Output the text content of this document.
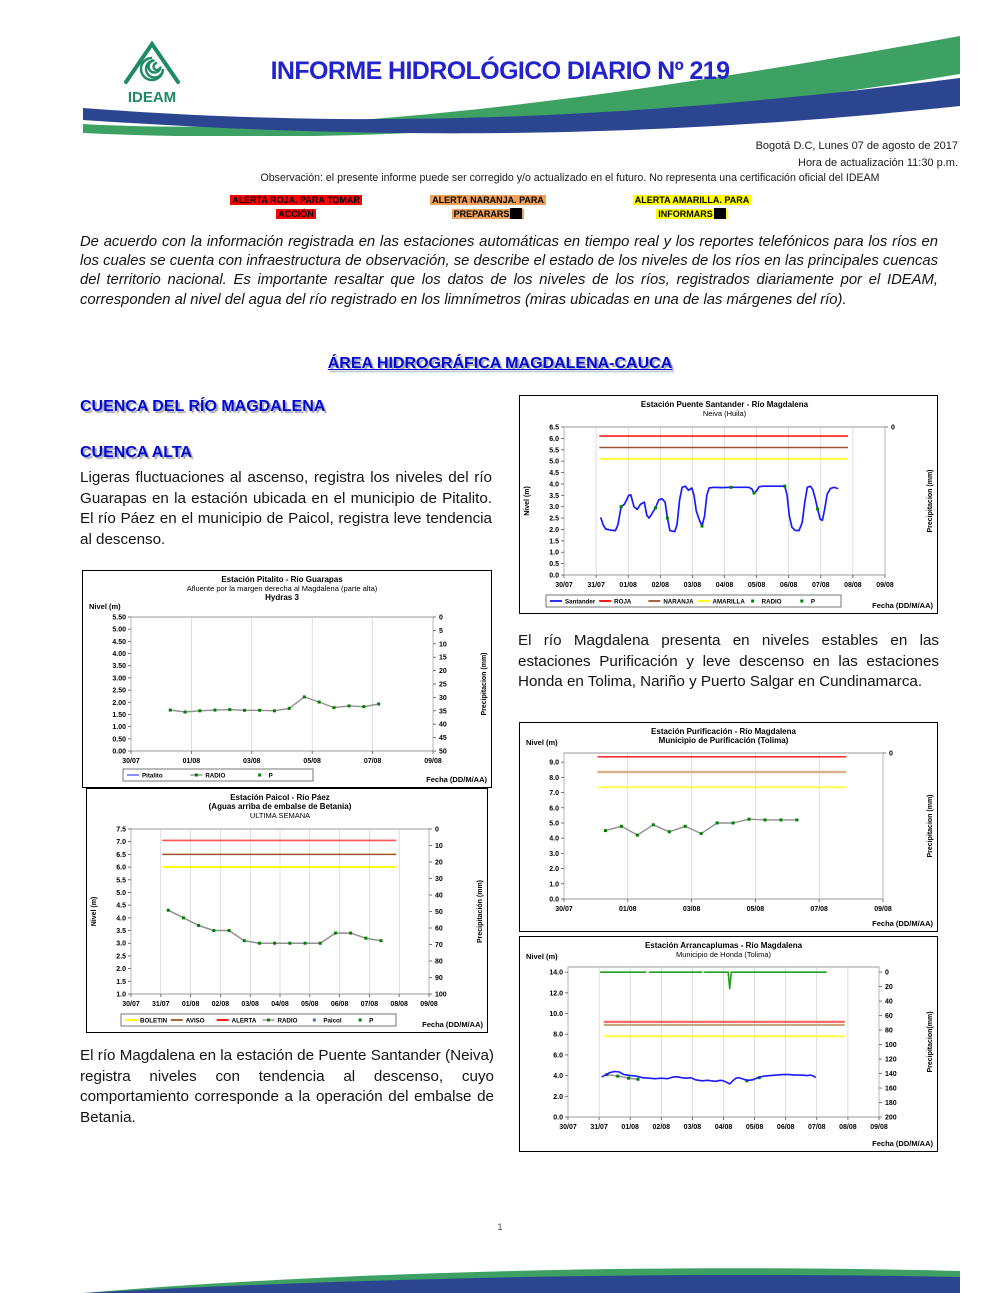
IDEAM
INFORME HIDROLÓGICO DIARIO Nº 219
Bogotá D.C, Lunes 07 de agosto de 2017
Hora de actualización 11:30 p.m.
Observación: el presente informe puede ser corregido y/o actualizado en el futuro. No representa una certificación oficial del IDEAM
ALERTA ROJA. PARA TOMAR
ACCIÓN
ALERTA NARANJA. PARA
PREPARARS
ALERTA AMARILLA. PARA
INFORMARS
De acuerdo con la información registrada en las estaciones automáticas en tiempo real y los reportes telefónicos para los ríos en los cuales se cuenta con infraestructura de observación, se describe el estado de los niveles de los ríos en las principales cuencas del territorio nacional. Es importante resaltar que los datos de los niveles de los ríos, registrados diariamente por el IDEAM, corresponden al nivel del agua del río registrado en los limnímetros (miras ubicadas en una de las márgenes del río).
ÁREA HIDROGRÁFICA MAGDALENA-CAUCA
CUENCA DEL RÍO MAGDALENA
CUENCA ALTA
Ligeras fluctuaciones al ascenso, registra los niveles del río Guarapas en la estación ubicada en el municipio de Pitalito. El río Páez en el municipio de Paicol, registra leve tendencia al descenso.
Estación Pitalito - Río Guarapas
Afluente por la margen derecha al Magdalena (parte alta)
Hydras 3
5.50
5.00
4.50
4.00
3.50
3.00
2.50
2.00
1.50
1.00
0.50
0.00
0
5
10
15
20
25
30
35
40
45
50
30/07	01/08	03/08	05/08	07/08	09/08
Nivel (m)
Precipitacion (mm)
Fecha (DD/M/AA)
Pitalito	RADIO	P
Estación Paicol - Río Páez
(Aguas arriba de embalse de Betania)
ULTIMA SEMANA
7.5
7.0
6.5
6.0
5.5
5.0
4.5
4.0
3.5
3.0
2.5
2.0
1.5
1.0
0
10
20
30
40
50
60
70
80
90
100
30/07 31/07 01/08 02/08 03/08 04/08 05/08 06/08 07/08 08/08 09/08
Nivel (m)	Precipitación (mm)
Fecha (DD/M/AA)
BOLETIN	AVISO	ALERTA	RADIO	Paicol	P
El río Magdalena en la estación de Puente Santander (Neiva) registra niveles con tendencia al descenso, cuyo comportamiento corresponde a la operación del embalse de Betania.
Estación Puente Santander - Río Magdalena
Neiva (Huila)
6.5
6.0
5.5
5.0
4.5
4.0
3.5
3.0
2.5
2.0
1.5
1.0
0.5
0.0
0
30/07 31/07 01/08 02/08 03/08 04/08 05/08 06/08 07/08 08/08 09/08
Nivel (m)	Precipitacion (mm)
Fecha (DD/M/AA)
Santander	ROJA	NARANJA	AMARILLA	RADIO	P
El río Magdalena presenta en niveles estables en las estaciones Purificación y leve descenso en las estaciones Honda en Tolima, Nariño y Puerto Salgar en Cundinamarca.
Estación Purificación - Río Magdalena
Municipio de Purificación (Tolima)
9.0
8.0
7.0
6.0
5.0
4.0
3.0
2.0
1.0
0.0
0
30/07	01/08	03/08	05/08	07/08	09/08
Nivel (m)
Precipitacion (mm)
Fecha (DD/M/AA)
Estación Arrancaplumas - Río Magdalena
Municipio de Honda (Tolima)
14.0
12.0
10.0
8.0
6.0
4.0
2.0
0.0
0
20
40
60
80
100
120
140
160
180
200
30/07 31/07 01/08 02/08 03/08 04/08 05/08 06/08 07/08 08/08 09/08
Nivel (m)
Precipitacion(mm)
Fecha (DD/M/AA)
1
